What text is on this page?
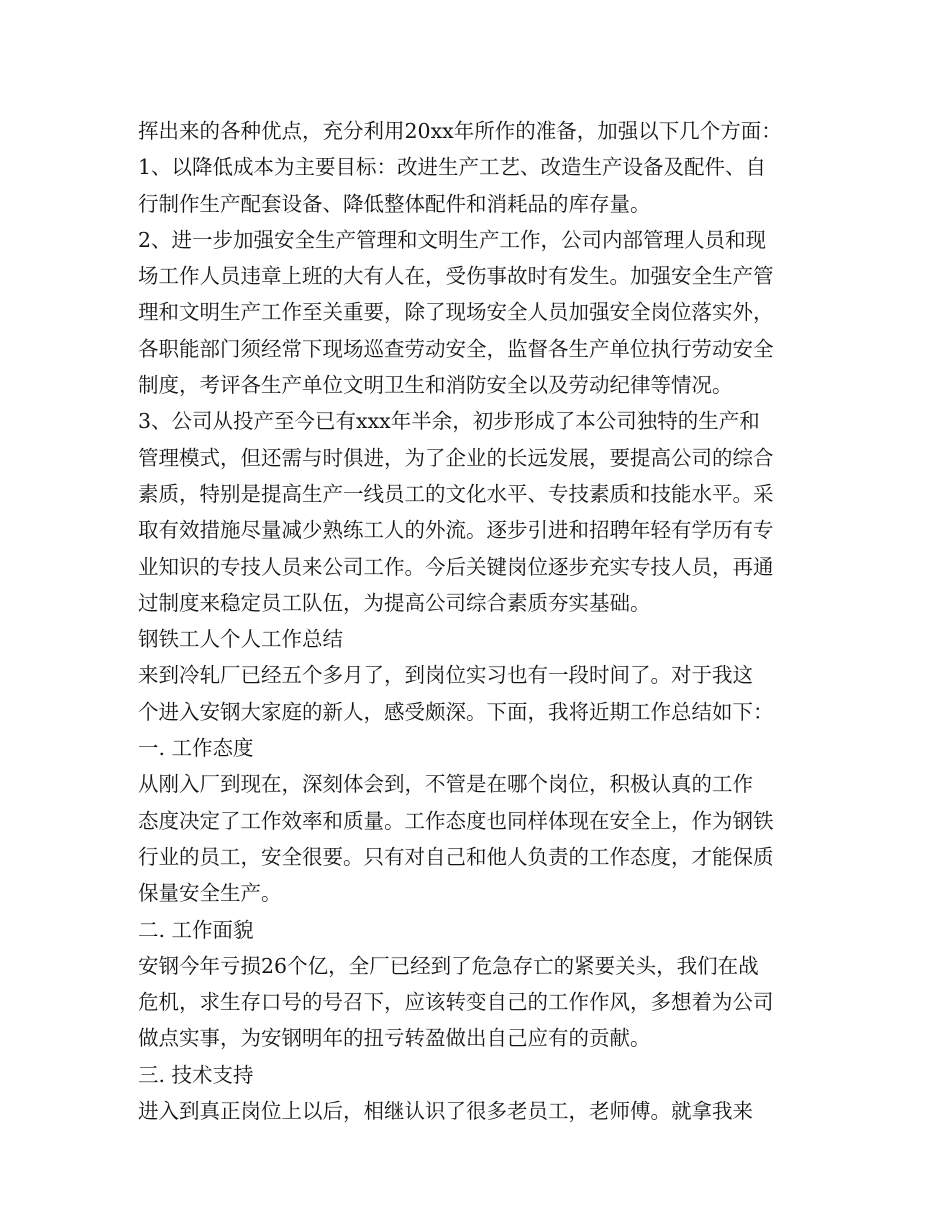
挥出来的各种优点，充分利用20xx年所作的准备，加强以下几个方面：
1、以降低成本为主要目标：改进生产工艺、改造生产设备及配件、自
行制作生产配套设备、降低整体配件和消耗品的库存量。
2、进一步加强安全生产管理和文明生产工作，公司内部管理人员和现
场工作人员违章上班的大有人在，受伤事故时有发生。加强安全生产管
理和文明生产工作至关重要，除了现场安全人员加强安全岗位落实外，
各职能部门须经常下现场巡查劳动安全，监督各生产单位执行劳动安全
制度，考评各生产单位文明卫生和消防安全以及劳动纪律等情况。
3、公司从投产至今已有xxx年半余，初步形成了本公司独特的生产和
管理模式，但还需与时俱进，为了企业的长远发展，要提高公司的综合
素质，特别是提高生产一线员工的文化水平、专技素质和技能水平。采
取有效措施尽量减少熟练工人的外流。逐步引进和招聘年轻有学历有专
业知识的专技人员来公司工作。今后关键岗位逐步充实专技人员，再通
过制度来稳定员工队伍，为提高公司综合素质夯实基础。
钢铁工人个人工作总结
来到冷轧厂已经五个多月了，到岗位实习也有一段时间了。对于我这
个进入安钢大家庭的新人，感受颇深。下面，我将近期工作总结如下：
一. 工作态度
从刚入厂到现在，深刻体会到，不管是在哪个岗位，积极认真的工作
态度决定了工作效率和质量。工作态度也同样体现在安全上，作为钢铁
行业的员工，安全很要。只有对自己和他人负责的工作态度，才能保质
保量安全生产。
二. 工作面貌
安钢今年亏损26个亿，全厂已经到了危急存亡的紧要关头，我们在战
危机，求生存口号的号召下，应该转变自己的工作作风，多想着为公司
做点实事，为安钢明年的扭亏转盈做出自己应有的贡献。
三. 技术支持
进入到真正岗位上以后，相继认识了很多老员工，老师傅。就拿我来
